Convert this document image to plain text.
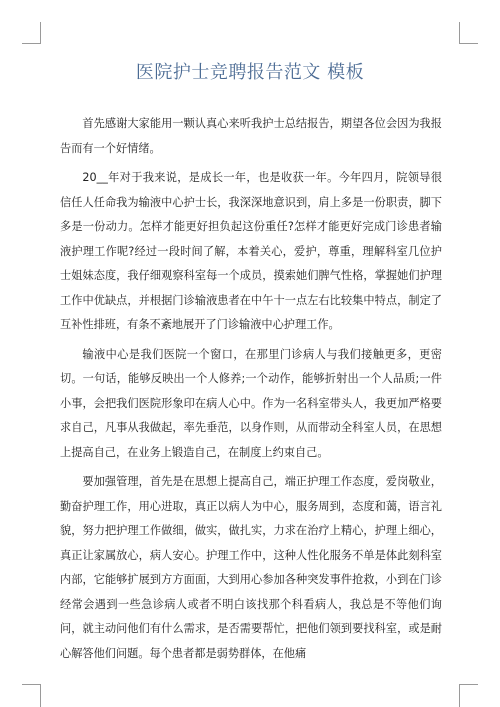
医院护士竞聘报告范文 模板

首先感谢大家能用一颗认真心来听我护士总结报告，期望各位会因为我报告而有一个好情绪。

20__年对于我来说，是成长一年，也是收获一年。今年四月，院领导很信任人任命我为输液中心护士长，我深深地意识到，肩上多是一份职责，脚下多是一份动力。怎样才能更好担负起这份重任?怎样才能更好完成门诊患者输液护理工作呢?经过一段时间了解，本着关心，爱护，尊重，理解科室几位护士姐妹态度，我仔细观察科室每一个成员，摸索她们脾气性格，掌握她们护理工作中优缺点，并根据门诊输液患者在中午十一点左右比较集中特点，制定了互补性排班，有条不紊地展开了门诊输液中心护理工作。

输液中心是我们医院一个窗口，在那里门诊病人与我们接触更多，更密切。一句话，能够反映出一个人修养;一个动作，能够折射出一个人品质;一件小事，会把我们医院形象印在病人心中。作为一名科室带头人，我更加严格要求自己，凡事从我做起，率先垂范，以身作则，从而带动全科室人员，在思想上提高自己，在业务上锻造自己，在制度上约束自己。

要加强管理，首先是在思想上提高自己，端正护理工作态度，爱岗敬业，勤奋护理工作，用心进取，真正以病人为中心，服务周到，态度和蔼，语言礼貌，努力把护理工作做细，做实，做扎实，力求在治疗上精心，护理上细心，真正让家属放心，病人安心。护理工作中，这种人性化服务不单是体此刻科室内部，它能够扩展到方方面面，大到用心参加各种突发事件抢救，小到在门诊经常会遇到一些急诊病人或者不明白该找那个科看病人，我总是不等他们询问，就主动问他们有什么需求，是否需要帮忙，把他们领到要找科室，或是耐心解答他们问题。每个患者都是弱势群体，在他痛
